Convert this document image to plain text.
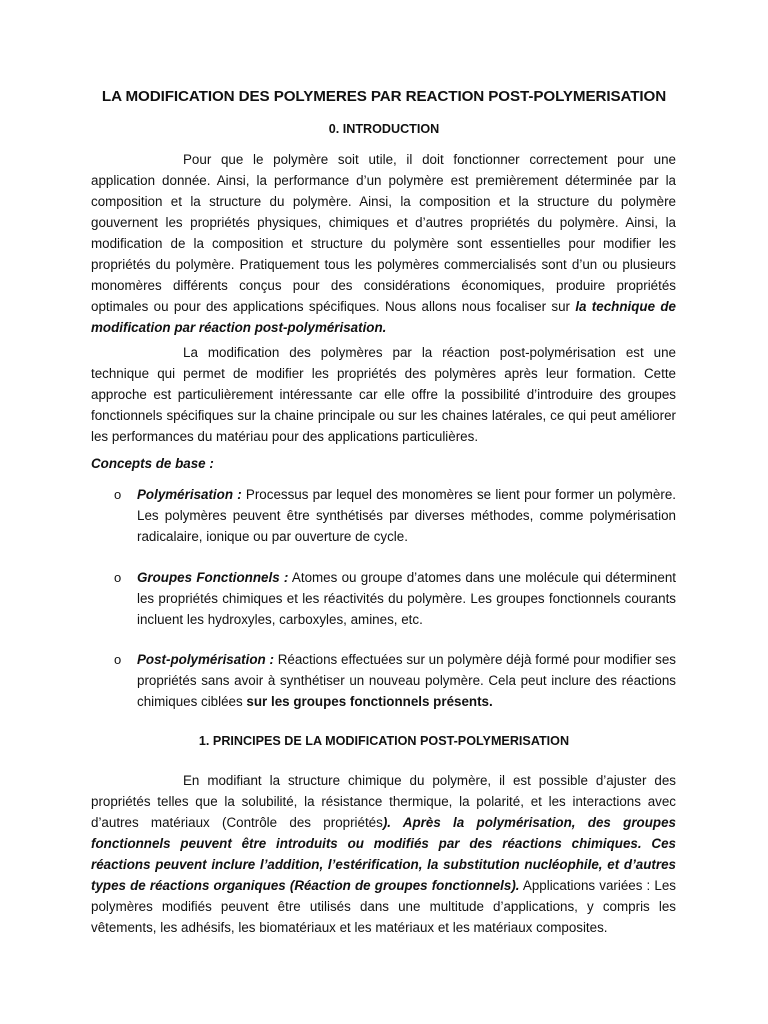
LA MODIFICATION DES POLYMERES PAR REACTION POST-POLYMERISATION
0. INTRODUCTION

Pour que le polymère soit utile, il doit fonctionner correctement pour une application donnée. Ainsi, la performance d’un polymère est premièrement déterminée par la composition et la structure du polymère. Ainsi, la composition et la structure du polymère gouvernent les propriétés physiques, chimiques et d’autres propriétés du polymère. Ainsi, la modification de la composition et structure du polymère sont essentielles pour modifier les propriétés du polymère. Pratiquement tous les polymères commercialisés sont d’un ou plusieurs monomères différents conçus pour des considérations économiques, produire propriétés optimales ou pour des applications spécifiques. Nous allons nous focaliser sur la technique de modification par réaction post-polymérisation.

La modification des polymères par la réaction post-polymérisation est une technique qui permet de modifier les propriétés des polymères après leur formation. Cette approche est particulièrement intéressante car elle offre la possibilité d’introduire des groupes fonctionnels spécifiques sur la chaine principale ou sur les chaines latérales, ce qui peut améliorer les performances du matériau pour des applications particulières.

Concepts de base :
o Polymérisation : Processus par lequel des monomères se lient pour former un polymère. Les polymères peuvent être synthétisés par diverses méthodes, comme polymérisation radicalaire, ionique ou par ouverture de cycle.

o Groupes Fonctionnels : Atomes ou groupe d’atomes dans une molécule qui déterminent les propriétés chimiques et les réactivités du polymère. Les groupes fonctionnels courants incluent les hydroxyles, carboxyles, amines, etc.

o Post-polymérisation : Réactions effectuées sur un polymère déjà formé pour modifier ses propriétés sans avoir à synthétiser un nouveau polymère. Cela peut inclure des réactions chimiques ciblées sur les groupes fonctionnels présents.

1. PRINCIPES DE LA MODIFICATION POST-POLYMERISATION

En modifiant la structure chimique du polymère, il est possible d’ajuster des propriétés telles que la solubilité, la résistance thermique, la polarité, et les interactions avec d’autres matériaux (Contrôle des propriétés). Après la polymérisation, des groupes fonctionnels peuvent être introduits ou modifiés par des réactions chimiques. Ces réactions peuvent inclure l’addition, l’estérification, la substitution nucléophile, et d’autres types de réactions organiques (Réaction de groupes fonctionnels). Applications variées : Les polymères modifiés peuvent être utilisés dans une multitude d’applications, y compris les vêtements, les adhésifs, les biomatériaux et les matériaux et les matériaux composites.
